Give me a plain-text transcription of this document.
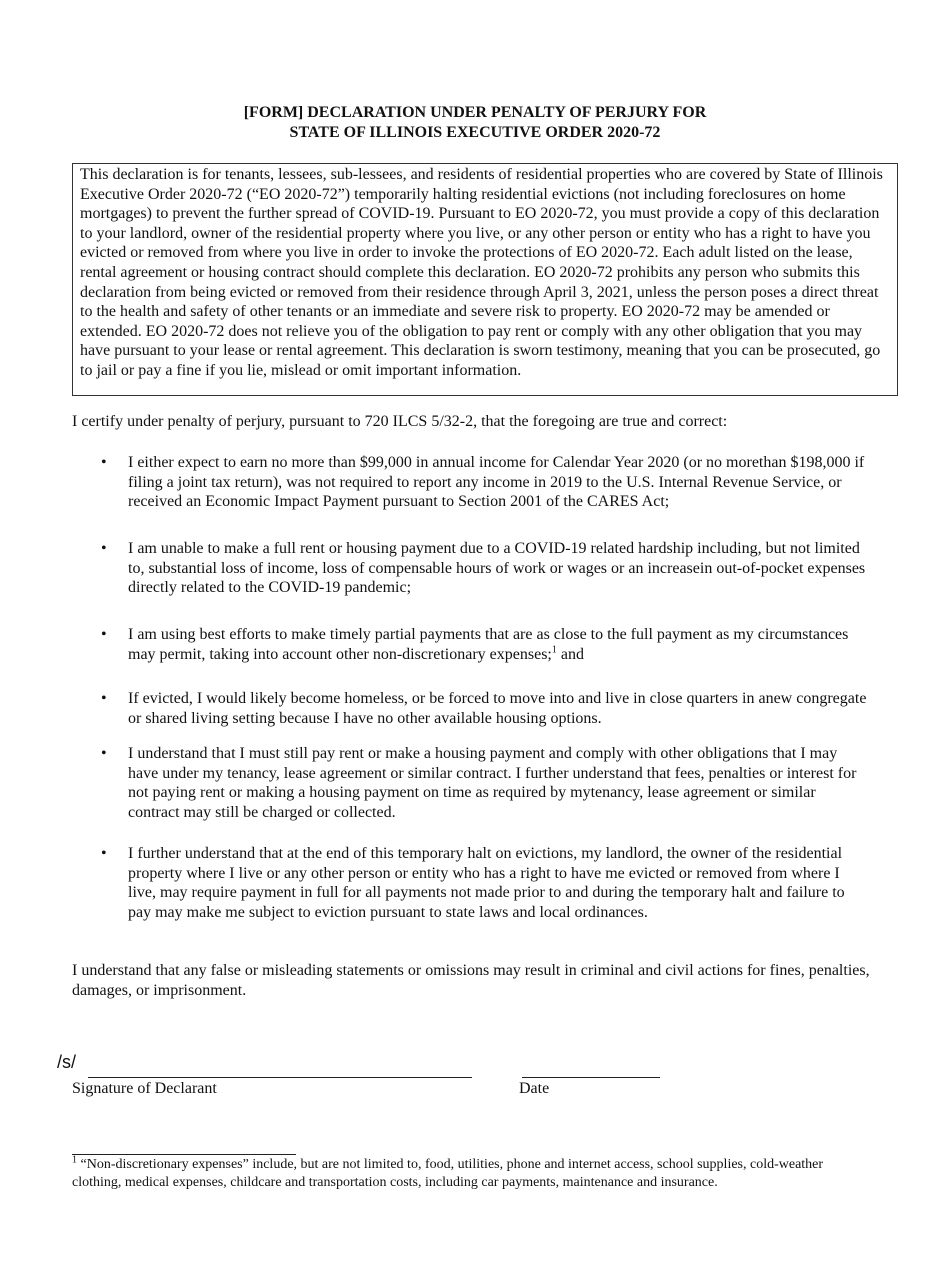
[FORM] DECLARATION UNDER PENALTY OF PERJURY FOR
STATE OF ILLINOIS EXECUTIVE ORDER 2020-72
This declaration is for tenants, lessees, sub-lessees, and residents of residential properties who are covered by State of Illinois Executive Order 2020-72 (“EO 2020-72”) temporarily halting residential evictions (not including foreclosures on home mortgages) to prevent the further spread of COVID-19. Pursuant to EO 2020-72, you must provide a copy of this declaration to your landlord, owner of the residential property where you live, or any other person or entity who has a right to have you evicted or removed from where you live in order to invoke the protections of EO 2020-72. Each adult listed on the lease, rental agreement or housing contract should complete this declaration. EO 2020-72 prohibits any person who submits this declaration from being evicted or removed from their residence through April 3, 2021, unless the person poses a direct threat to the health and safety of other tenants or an immediate and severe risk to property. EO 2020-72 may be amended or extended. EO 2020-72 does not relieve you of the obligation to pay rent or comply with any other obligation that you may have pursuant to your lease or rental agreement. This declaration is sworn testimony, meaning that you can be prosecuted, go to jail or pay a fine if you lie, mislead or omit important information.
I certify under penalty of perjury, pursuant to 720 ILCS 5/32-2, that the foregoing are true and correct:
• I either expect to earn no more than $99,000 in annual income for Calendar Year 2020 (or no morethan $198,000 if filing a joint tax return), was not required to report any income in 2019 to the U.S. Internal Revenue Service, or received an Economic Impact Payment pursuant to Section 2001 of the CARES Act;
• I am unable to make a full rent or housing payment due to a COVID-19 related hardship including, but not limited to, substantial loss of income, loss of compensable hours of work or wages or an increasein out-of-pocket expenses directly related to the COVID-19 pandemic;
• I am using best efforts to make timely partial payments that are as close to the full payment as my circumstances may permit, taking into account other non-discretionary expenses;$^1$ and
• If evicted, I would likely become homeless, or be forced to move into and live in close quarters in anew congregate or shared living setting because I have no other available housing options.
• I understand that I must still pay rent or make a housing payment and comply with other obligations that I may have under my tenancy, lease agreement or similar contract. I further understand that fees, penalties or interest for not paying rent or making a housing payment on time as required by mytenancy, lease agreement or similar contract may still be charged or collected.
• I further understand that at the end of this temporary halt on evictions, my landlord, the owner of the residential property where I live or any other person or entity who has a right to have me evicted or removed from where I live, may require payment in full for all payments not made prior to and during the temporary halt and failure to pay may make me subject to eviction pursuant to state laws and local ordinances.
I understand that any false or misleading statements or omissions may result in criminal and civil actions for fines, penalties, damages, or imprisonment.
/s/
Signature of Declarant	Date
$^1$ “Non-discretionary expenses” include, but are not limited to, food, utilities, phone and internet access, school supplies, cold-weather clothing, medical expenses, childcare and transportation costs, including car payments, maintenance and insurance.
